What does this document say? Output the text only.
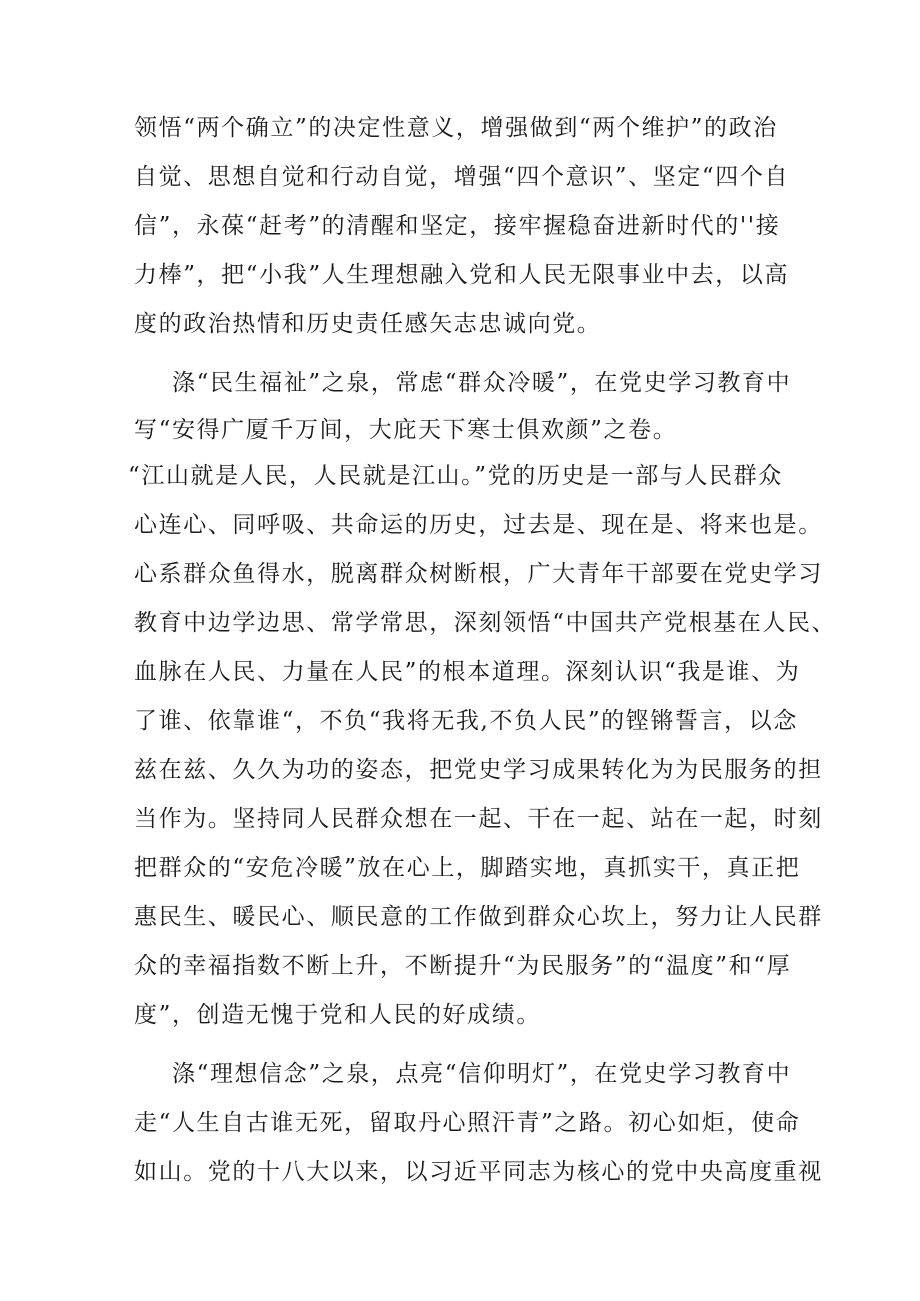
领悟“两个确立”的决定性意义，增强做到“两个维护”的政治

自觉、思想自觉和行动自觉，增强“四个意识”、坚定“四个自

信”，永葆“赶考”的清醒和坚定，接牢握稳奋进新时代的''接

力棒”，把“小我”人生理想融入党和人民无限事业中去，以高

度的政治热情和历史责任感矢志忠诚向党。

涤“民生福祉”之泉，常虑“群众冷暖”，在党史学习教育中

写“安得广厦千万间，大庇天下寒士俱欢颜”之卷。

“江山就是人民，人民就是江山。”党的历史是一部与人民群众

心连心、同呼吸、共命运的历史，过去是、现在是、将来也是。

心系群众鱼得水，脱离群众树断根，广大青年干部要在党史学习

教育中边学边思、常学常思，深刻领悟“中国共产党根基在人民、

血脉在人民、力量在人民”的根本道理。深刻认识“我是谁、为

了谁、依靠谁“，不负“我将无我,不负人民”的铿锵誓言，以念

兹在兹、久久为功的姿态，把党史学习成果转化为为民服务的担

当作为。坚持同人民群众想在一起、干在一起、站在一起，时刻

把群众的“安危冷暖”放在心上，脚踏实地，真抓实干，真正把

惠民生、暖民心、顺民意的工作做到群众心坎上，努力让人民群

众的幸福指数不断上升，不断提升“为民服务”的“温度”和“厚

度”，创造无愧于党和人民的好成绩。

涤“理想信念”之泉，点亮“信仰明灯”，在党史学习教育中

走“人生自古谁无死，留取丹心照汗青”之路。初心如炬，使命

如山。党的十八大以来，以习近平同志为核心的党中央高度重视
